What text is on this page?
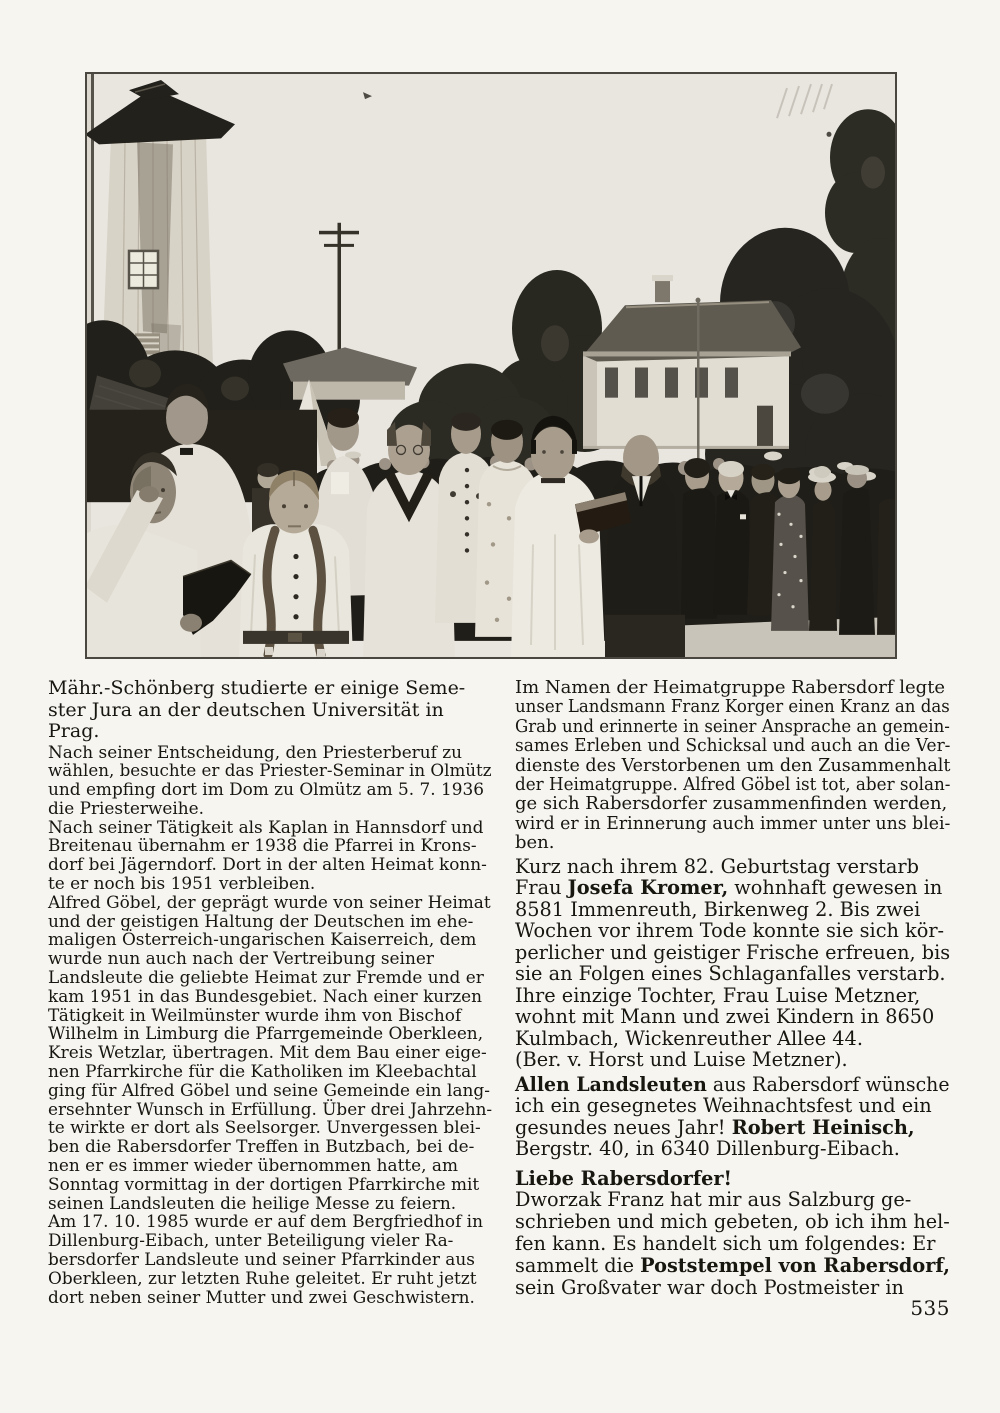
Mähr.-Schönberg studierte er einige Seme-
ster Jura an der deutschen Universität in
Prag.
Nach seiner Entscheidung, den Priesterberuf zu
wählen, besuchte er das Priester-Seminar in Olmütz
und empfing dort im Dom zu Olmütz am 5. 7. 1936
die Priesterweihe.
Nach seiner Tätigkeit als Kaplan in Hannsdorf und
Breitenau übernahm er 1938 die Pfarrei in Krons-
dorf bei Jägerndorf. Dort in der alten Heimat konn-
te er noch bis 1951 verbleiben.
Alfred Göbel, der geprägt wurde von seiner Heimat
und der geistigen Haltung der Deutschen im ehe-
maligen Österreich-ungarischen Kaiserreich, dem
wurde nun auch nach der Vertreibung seiner
Landsleute die geliebte Heimat zur Fremde und er
kam 1951 in das Bundesgebiet. Nach einer kurzen
Tätigkeit in Weilmünster wurde ihm von Bischof
Wilhelm in Limburg die Pfarrgemeinde Oberkleen,
Kreis Wetzlar, übertragen. Mit dem Bau einer eige-
nen Pfarrkirche für die Katholiken im Kleebachtal
ging für Alfred Göbel und seine Gemeinde ein lang-
ersehnter Wunsch in Erfüllung. Über drei Jahrzehn-
te wirkte er dort als Seelsorger. Unvergessen blei-
ben die Rabersdorfer Treffen in Butzbach, bei de-
nen er es immer wieder übernommen hatte, am
Sonntag vormittag in der dortigen Pfarrkirche mit
seinen Landsleuten die heilige Messe zu feiern.
Am 17. 10. 1985 wurde er auf dem Bergfriedhof in
Dillenburg-Eibach, unter Beteiligung vieler Ra-
bersdorfer Landsleute und seiner Pfarrkinder aus
Oberkleen, zur letzten Ruhe geleitet. Er ruht jetzt
dort neben seiner Mutter und zwei Geschwistern.
Im Namen der Heimatgruppe Rabersdorf legte
unser Landsmann Franz Korger einen Kranz an das
Grab und erinnerte in seiner Ansprache an gemein-
sames Erleben und Schicksal und auch an die Ver-
dienste des Verstorbenen um den Zusammenhalt
der Heimatgruppe. Alfred Göbel ist tot, aber solan-
ge sich Rabersdorfer zusammenfinden werden,
wird er in Erinnerung auch immer unter uns blei-
ben.
Kurz nach ihrem 82. Geburtstag verstarb
Frau Josefa Kromer, wohnhaft gewesen in
8581 Immenreuth, Birkenweg 2. Bis zwei
Wochen vor ihrem Tode konnte sie sich kör-
perlicher und geistiger Frische erfreuen, bis
sie an Folgen eines Schlaganfalles verstarb.
Ihre einzige Tochter, Frau Luise Metzner,
wohnt mit Mann und zwei Kindern in 8650
Kulmbach, Wickenreuther Allee 44.
(Ber. v. Horst und Luise Metzner).
Allen Landsleuten aus Rabersdorf wünsche
ich ein gesegnetes Weihnachtsfest und ein
gesundes neues Jahr! Robert Heinisch,
Bergstr. 40, in 6340 Dillenburg-Eibach.
Liebe Rabersdorfer!
Dworzak Franz hat mir aus Salzburg ge-
schrieben und mich gebeten, ob ich ihm hel-
fen kann. Es handelt sich um folgendes: Er
sammelt die Poststempel von Rabersdorf,
sein Großvater war doch Postmeister in
535
